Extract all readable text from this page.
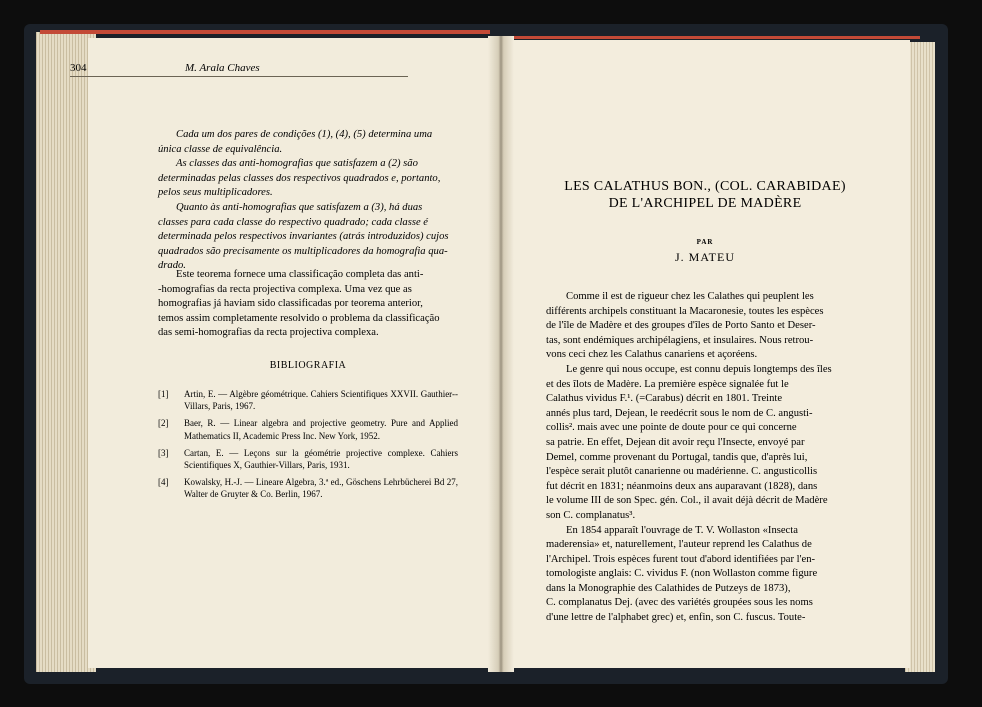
304	M. Arala Chaves
Cada um dos pares de condições (1), (4), (5) determina uma
única classe de equivalência.
As classes das anti-homografias que satisfazem a (2) são
determinadas pelas classes dos respectivos quadrados e, portanto,
pelos seus multiplicadores.
Quanto às anti-homografias que satisfazem a (3), há duas
classes para cada classe do respectivo quadrado; cada classe é
determinada pelos respectivos invariantes (atrás introduzidos) cujos
quadrados são precisamente os multiplicadores da homografia qua-
drado.
Este teorema fornece uma classificação completa das anti-
-homografias da recta projectiva complexa. Uma vez que as
homografias já haviam sido classificadas por teorema anterior,
temos assim completamente resolvido o problema da classificação
das semi-homografias da recta projectiva complexa.
BIBLIOGRAFIA
[1] Artin, E. — Algèbre géométrique. Cahiers Scientifiques XXVII. Gauthier--Villars, Paris, 1967.
[2] Baer, R. — Linear algebra and projective geometry. Pure and Applied Mathematics II, Academic Press Inc. New York, 1952.
[3] Cartan, E. — Leçons sur la géométrie projective complexe. Cahiers Scientifiques X, Gauthier-Villars, Paris, 1931.
[4] Kowalsky, H.-J. — Lineare Algebra, 3.ª ed., Göschens Lehrbücherei Bd 27, Walter de Gruyter & Co. Berlin, 1967.
LES CALATHUS BON., (COL. CARABIDAE)
DE L'ARCHIPEL DE MADÈRE
PAR
J. MATEU
Comme il est de rigueur chez les Calathes qui peuplent les
différents archipels constituant la Macaronesie, toutes les espèces
de l'île de Madère et des groupes d'îles de Porto Santo et Deser-
tas, sont endémiques archipélagiens, et insulaires. Nous retrou-
vons ceci chez les Calathus canariens et açoréens.
Le genre qui nous occupe, est connu depuis longtemps des îles
et des îlots de Madère. La première espèce signalée fut le
Calathus vividus F.¹. (=Carabus) décrit en 1801. Treinte
annés plus tard, Dejean, le reedécrit sous le nom de C. angusti-
collis². mais avec une pointe de doute pour ce qui concerne
sa patrie. En effet, Dejean dit avoir reçu l'Insecte, envoyé par
Demel, comme provenant du Portugal, tandis que, d'après lui,
l'espèce serait plutôt canarienne ou madérienne. C. angusticollis
fut décrit en 1831; néanmoins deux ans auparavant (1828), dans
le volume III de son Spec. gén. Col., il avait déjà décrit de Madère
son C. complanatus³.
En 1854 apparaît l'ouvrage de T. V. Wollaston «Insecta
maderensia» et, naturellement, l'auteur reprend les Calathus de
l'Archipel. Trois espèces furent tout d'abord identifiées par l'en-
tomologiste anglais: C. vividus F. (non Wollaston comme figure
dans la Monographie des Calathides de Putzeys de 1873),
C. complanatus Dej. (avec des variétés groupées sous les noms
d'une lettre de l'alphabet grec) et, enfin, son C. fuscus. Toute-
